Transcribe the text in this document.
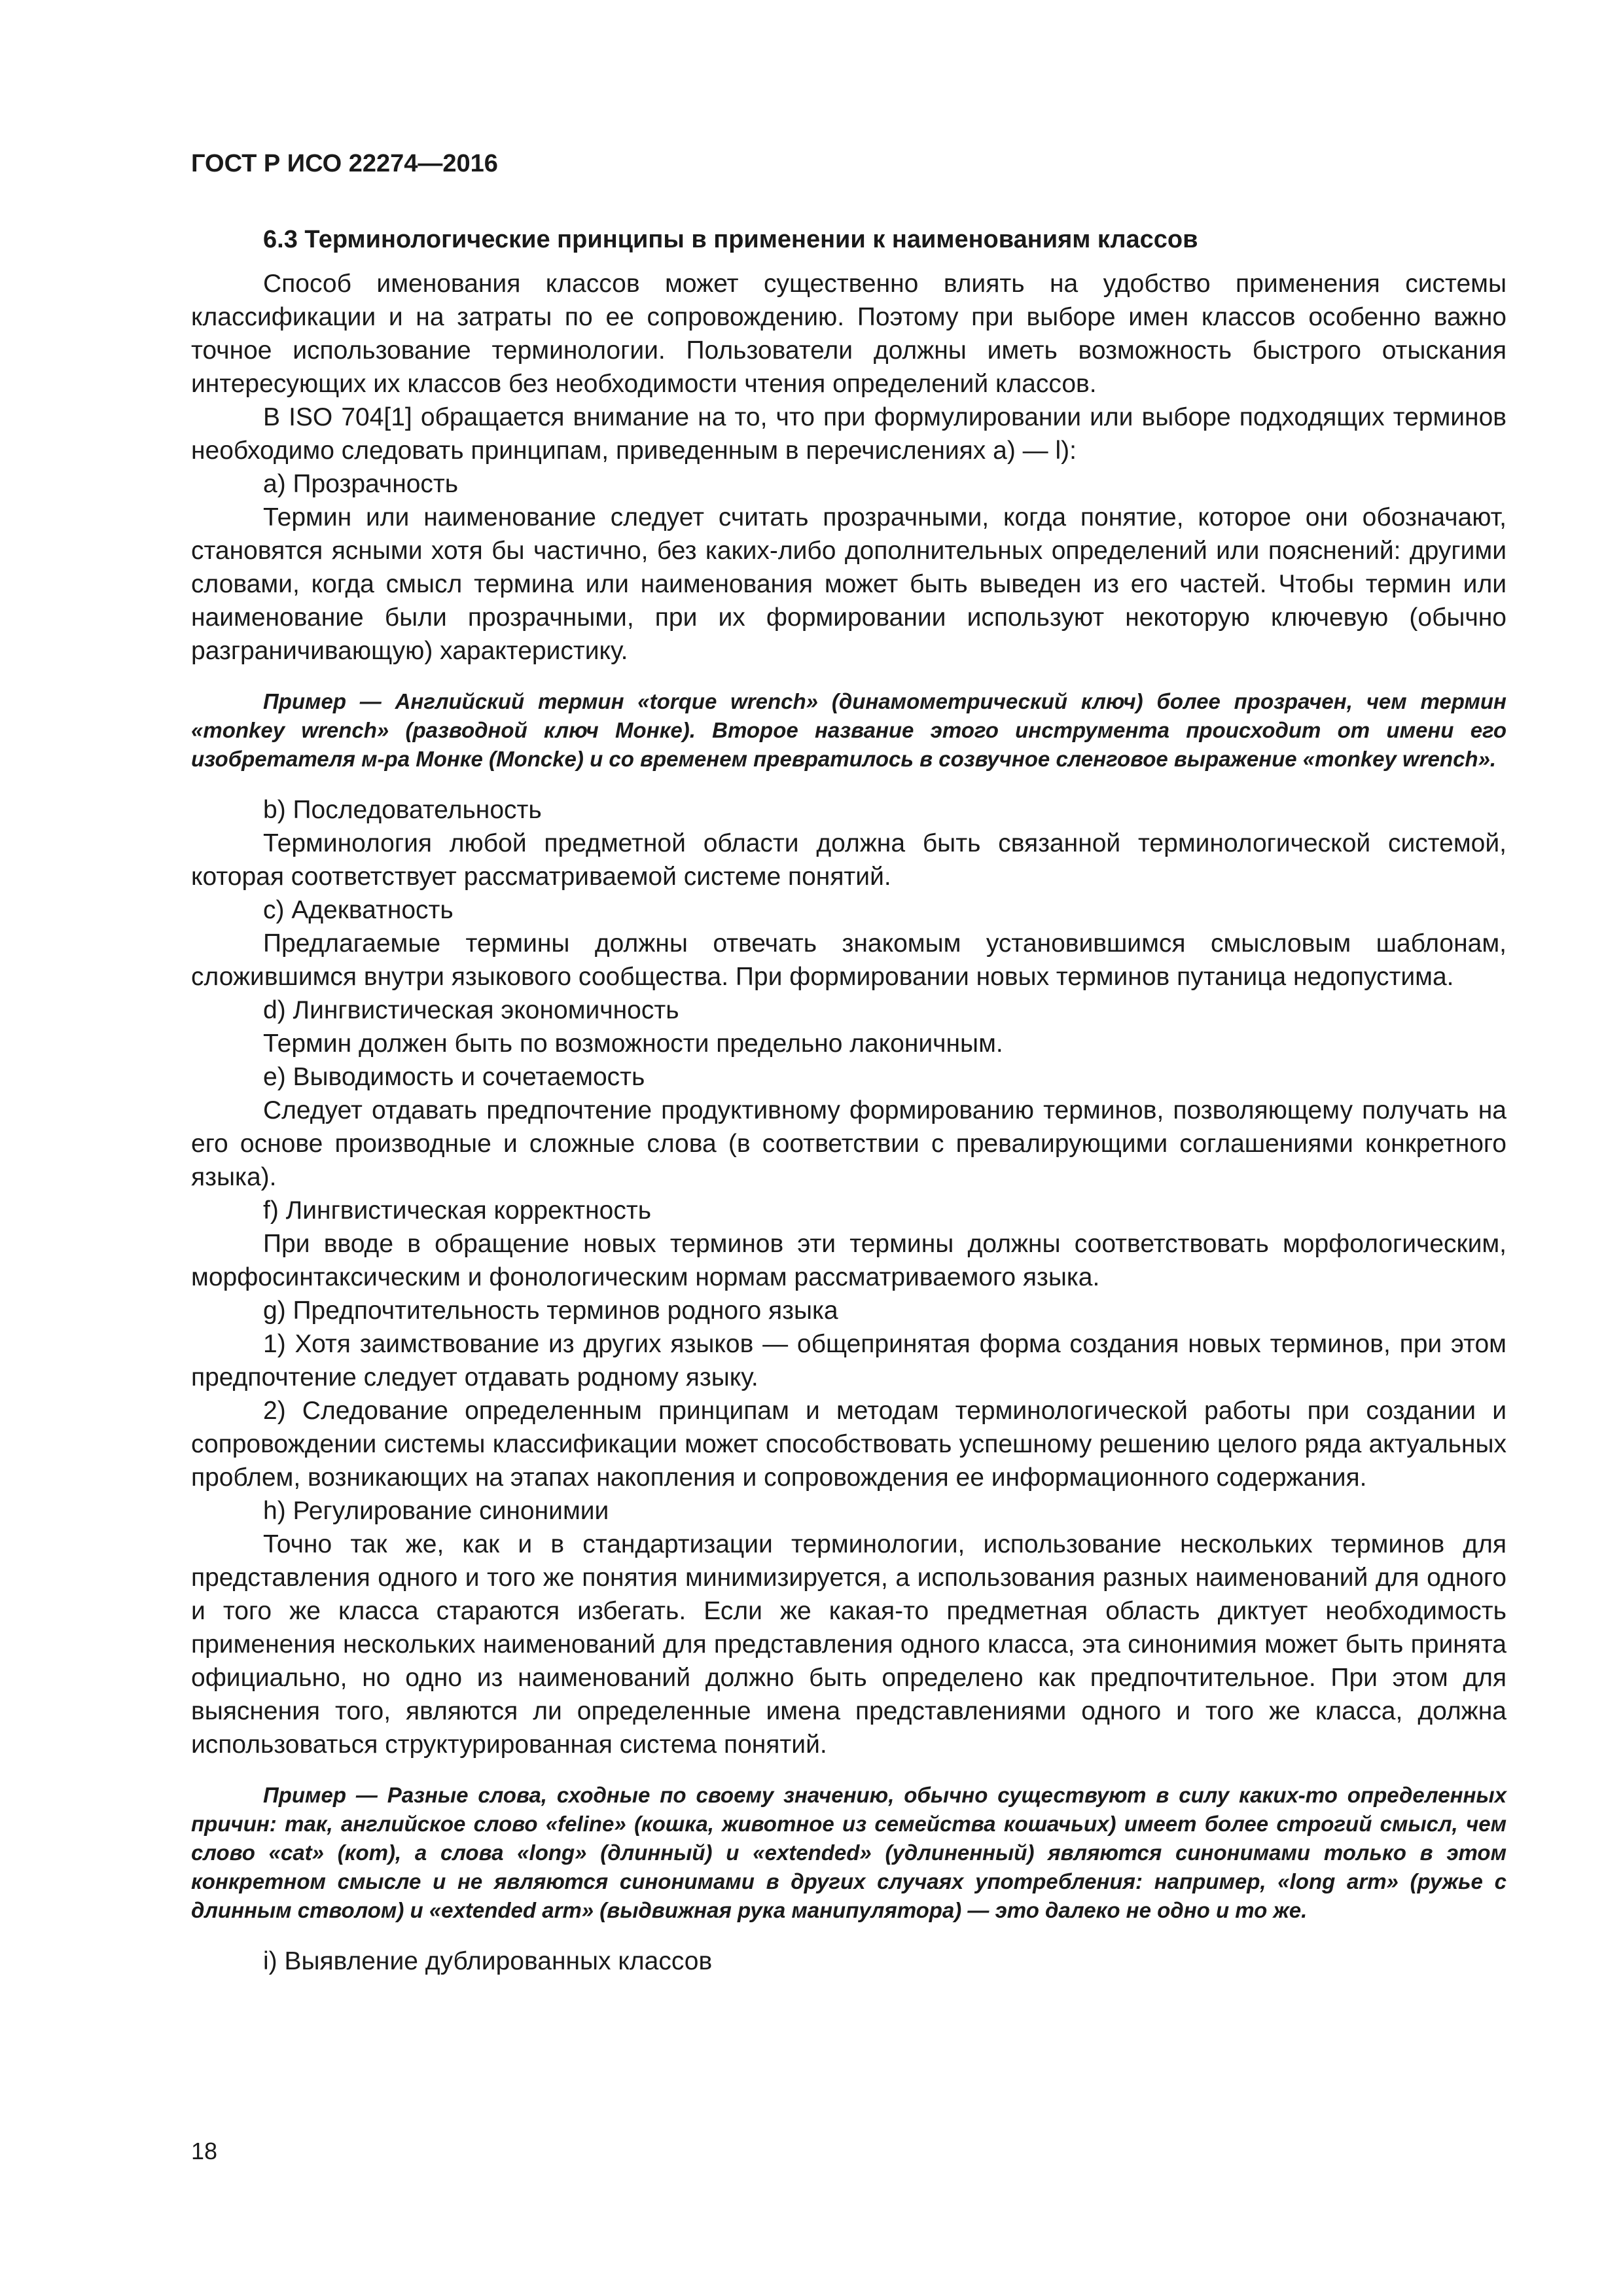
ГОСТ Р ИСО 22274—2016

6.3 Терминологические принципы в применении к наименованиям классов

Способ именования классов может существенно влиять на удобство применения системы классификации и на затраты по ее сопровождению. Поэтому при выборе имен классов особенно важно точное использование терминологии. Пользователи должны иметь возможность быстрого отыскания интересующих их классов без необходимости чтения определений классов.

В ISO 704[1] обращается внимание на то, что при формулировании или выборе подходящих терминов необходимо следовать принципам, приведенным в перечислениях a) — l):

a) Прозрачность

Термин или наименование следует считать прозрачными, когда понятие, которое они обозначают, становятся ясными хотя бы частично, без каких-либо дополнительных определений или пояснений: другими словами, когда смысл термина или наименования может быть выведен из его частей. Чтобы термин или наименование были прозрачными, при их формировании используют некоторую ключевую (обычно разграничивающую) характеристику.

Пример — Английский термин «torque wrench» (динамометрический ключ) более прозрачен, чем термин «monkey wrench» (разводной ключ Монке). Второе название этого инструмента происходит от имени его изобретателя м-ра Монке (Moncke) и со временем превратилось в созвучное сленговое выражение «monkey wrench».

b) Последовательность

Терминология любой предметной области должна быть связанной терминологической системой, которая соответствует рассматриваемой системе понятий.

c) Адекватность

Предлагаемые термины должны отвечать знакомым установившимся смысловым шаблонам, сложившимся внутри языкового сообщества. При формировании новых терминов путаница недопустима.

d) Лингвистическая экономичность

Термин должен быть по возможности предельно лаконичным.

e) Выводимость и сочетаемость

Следует отдавать предпочтение продуктивному формированию терминов, позволяющему получать на его основе производные и сложные слова (в соответствии с превалирующими соглашениями конкретного языка).

f) Лингвистическая корректность

При вводе в обращение новых терминов эти термины должны соответствовать морфологическим, морфосинтаксическим и фонологическим нормам рассматриваемого языка.

g) Предпочтительность терминов родного языка

1) Хотя заимствование из других языков — общепринятая форма создания новых терминов, при этом предпочтение следует отдавать родному языку.

2) Следование определенным принципам и методам терминологической работы при создании и сопровождении системы классификации может способствовать успешному решению целого ряда актуальных проблем, возникающих на этапах накопления и сопровождения ее информационного содержания.

h) Регулирование синонимии

Точно так же, как и в стандартизации терминологии, использование нескольких терминов для представления одного и того же понятия минимизируется, а использования разных наименований для одного и того же класса стараются избегать. Если же какая-то предметная область диктует необходимость применения нескольких наименований для представления одного класса, эта синонимия может быть принята официально, но одно из наименований должно быть определено как предпочтительное. При этом для выяснения того, являются ли определенные имена представлениями одного и того же класса, должна использоваться структурированная система понятий.

Пример — Разные слова, сходные по своему значению, обычно существуют в силу каких-то определенных причин: так, английское слово «feline» (кошка, животное из семейства кошачьих) имеет более строгий смысл, чем слово «cat» (кот), а слова «long» (длинный) и «extended» (удлиненный) являются синонимами только в этом конкретном смысле и не являются синонимами в других случаях употребления: например, «long arm» (ружье с длинным стволом) и «extended arm» (выдвижная рука манипулятора) — это далеко не одно и то же.

i) Выявление дублированных классов

18
